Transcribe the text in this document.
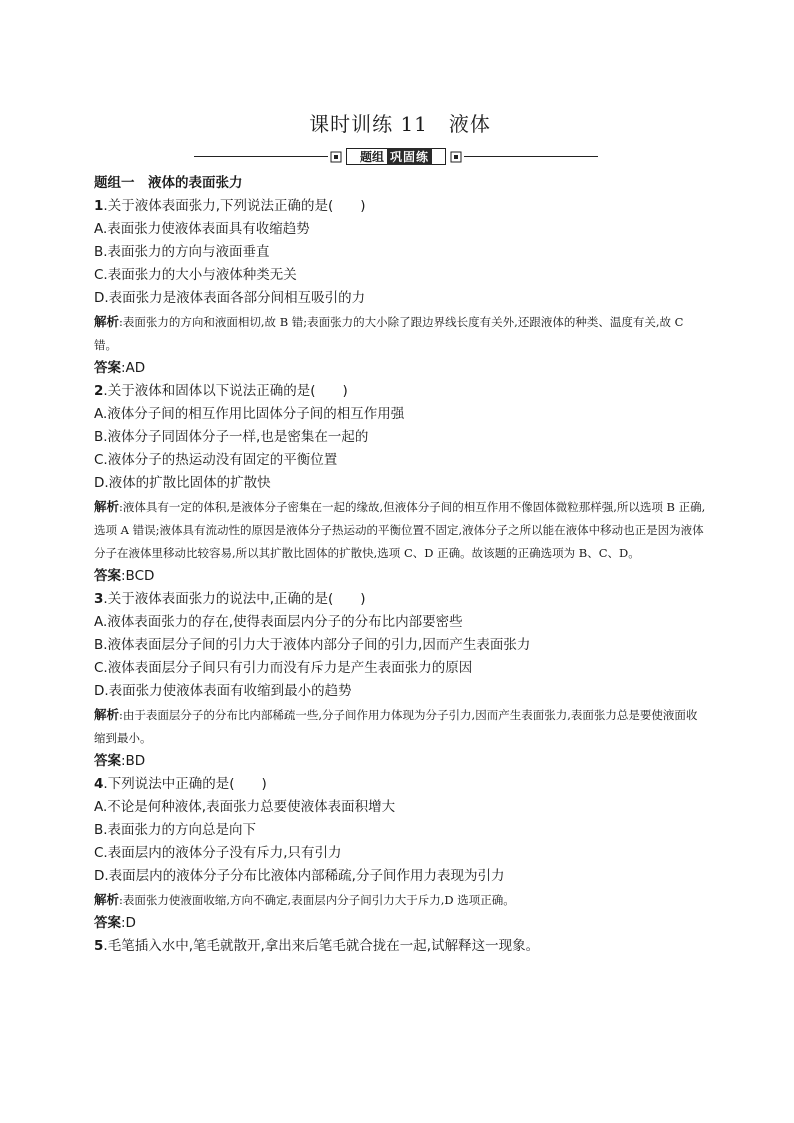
课时训练 11　液体
题组 巩固练
题组一　液体的表面张力
1.关于液体表面张力,下列说法正确的是(　　)
A.表面张力使液体表面具有收缩趋势
B.表面张力的方向与液面垂直
C.表面张力的大小与液体种类无关
D.表面张力是液体表面各部分间相互吸引的力
解析:表面张力的方向和液面相切,故 B 错;表面张力的大小除了跟边界线长度有关外,还跟液体的种类、温度有关,故 C 错。
答案:AD
2.关于液体和固体以下说法正确的是(　　)
A.液体分子间的相互作用比固体分子间的相互作用强
B.液体分子同固体分子一样,也是密集在一起的
C.液体分子的热运动没有固定的平衡位置
D.液体的扩散比固体的扩散快
解析:液体具有一定的体积,是液体分子密集在一起的缘故,但液体分子间的相互作用不像固体微粒那样强,所以选项 B 正确,选项 A 错误;液体具有流动性的原因是液体分子热运动的平衡位置不固定,液体分子之所以能在液体中移动也正是因为液体分子在液体里移动比较容易,所以其扩散比固体的扩散快,选项 C、D 正确。故该题的正确选项为 B、C、D。
答案:BCD
3.关于液体表面张力的说法中,正确的是(　　)
A.液体表面张力的存在,使得表面层内分子的分布比内部要密些
B.液体表面层分子间的引力大于液体内部分子间的引力,因而产生表面张力
C.液体表面层分子间只有引力而没有斥力是产生表面张力的原因
D.表面张力使液体表面有收缩到最小的趋势
解析:由于表面层分子的分布比内部稀疏一些,分子间作用力体现为分子引力,因而产生表面张力,表面张力总是要使液面收缩到最小。
答案:BD
4.下列说法中正确的是(　　)
A.不论是何种液体,表面张力总要使液体表面积增大
B.表面张力的方向总是向下
C.表面层内的液体分子没有斥力,只有引力
D.表面层内的液体分子分布比液体内部稀疏,分子间作用力表现为引力
解析:表面张力使液面收缩,方向不确定,表面层内分子间引力大于斥力,D 选项正确。
答案:D
5.毛笔插入水中,笔毛就散开,拿出来后笔毛就合拢在一起,试解释这一现象。
